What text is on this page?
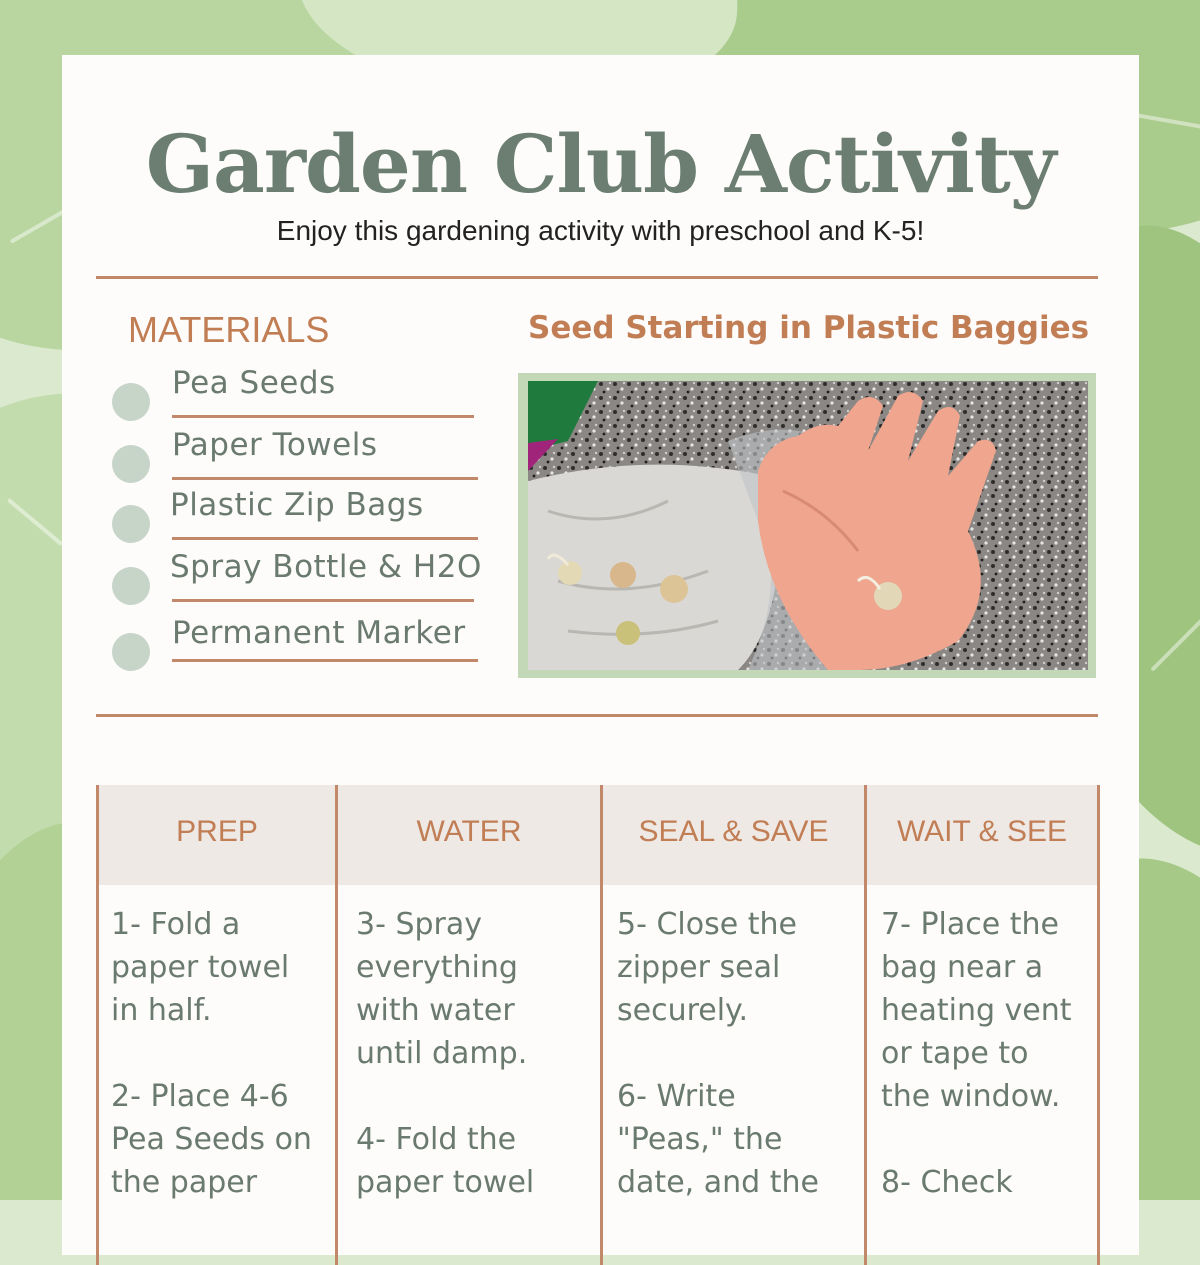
Garden Club Activity
Enjoy this gardening activity with preschool and K-5!
MATERIALS
Pea Seeds
Paper Towels
Plastic Zip Bags
Spray Bottle & H2O
Permanent Marker
Seed Starting in Plastic Baggies
PREP
1- Fold a
paper towel
in half.

2- Place 4-6
Pea Seeds on
the paper
WATER
3- Spray
everything
with water
until damp.

4- Fold the
paper towel
SEAL & SAVE
5- Close the
zipper seal
securely.

6- Write
"Peas," the
date, and the
WAIT & SEE
7- Place the
bag near a
heating vent
or tape to
the window.

8- Check
